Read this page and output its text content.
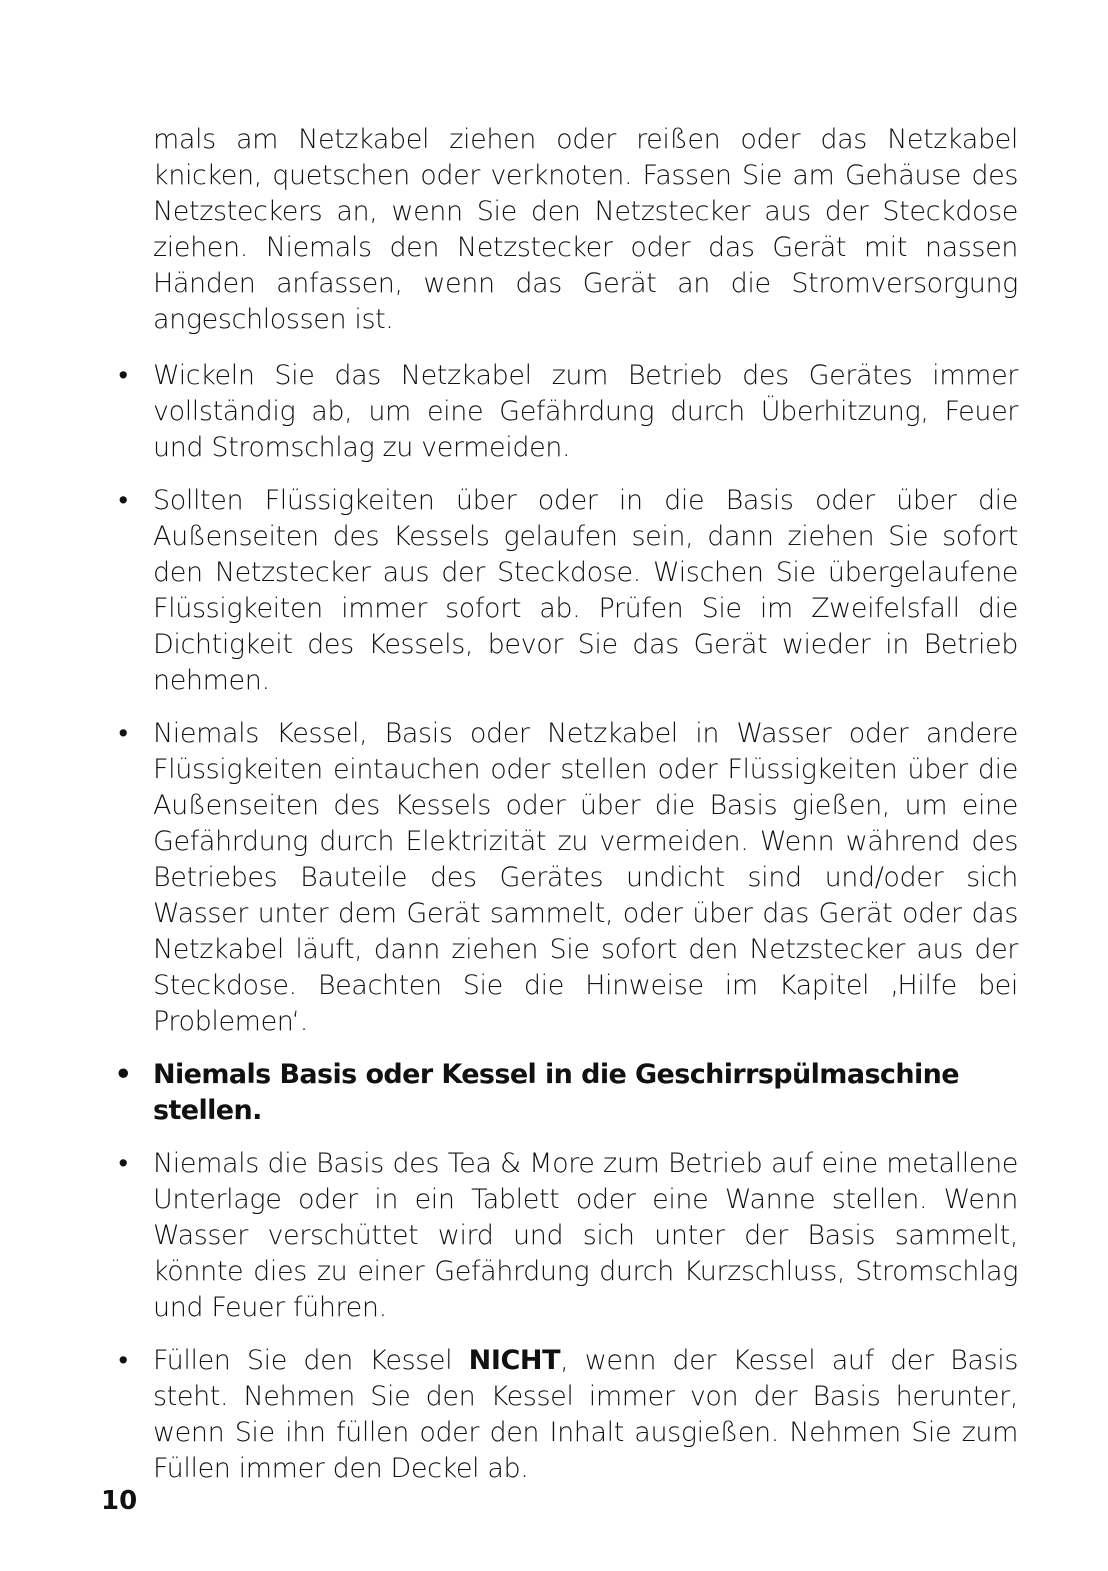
mals am Netzkabel ziehen oder reißen oder das Netzkabel knicken, quetschen oder verknoten. Fassen Sie am Gehäuse des Netzsteckers an, wenn Sie den Netzstecker aus der Steckdose ziehen. Niemals den Netzstecker oder das Gerät mit nassen Händen anfassen, wenn das Gerät an die Stromversorgung angeschlossen ist.

• Wickeln Sie das Netzkabel zum Betrieb des Gerätes immer vollständig ab, um eine Gefährdung durch Überhitzung, Feuer und Stromschlag zu vermeiden.

• Sollten Flüssigkeiten über oder in die Basis oder über die Außenseiten des Kessels gelaufen sein, dann ziehen Sie sofort den Netzstecker aus der Steckdose. Wischen Sie übergelaufene Flüssigkeiten immer sofort ab. Prüfen Sie im Zweifelsfall die Dichtigkeit des Kessels, bevor Sie das Gerät wieder in Betrieb nehmen.

• Niemals Kessel, Basis oder Netzkabel in Wasser oder andere Flüssigkeiten eintauchen oder stellen oder Flüssigkeiten über die Außenseiten des Kessels oder über die Basis gießen, um eine Gefährdung durch Elektrizität zu vermeiden. Wenn während des Betriebes Bauteile des Gerätes undicht sind und/oder sich Wasser unter dem Gerät sammelt, oder über das Gerät oder das Netzkabel läuft, dann ziehen Sie sofort den Netzstecker aus der Steckdose. Beachten Sie die Hinweise im Kapitel ‚Hilfe bei Problemen‘.

• Niemals Basis oder Kessel in die Geschirrspülmaschine stellen.

• Niemals die Basis des Tea & More zum Betrieb auf eine metallene Unterlage oder in ein Tablett oder eine Wanne stellen. Wenn Wasser verschüttet wird und sich unter der Basis sammelt, könnte dies zu einer Gefährdung durch Kurzschluss, Stromschlag und Feuer führen.

• Füllen Sie den Kessel NICHT, wenn der Kessel auf der Basis steht. Nehmen Sie den Kessel immer von der Basis herunter, wenn Sie ihn füllen oder den Inhalt ausgießen. Nehmen Sie zum Füllen immer den Deckel ab.

10
